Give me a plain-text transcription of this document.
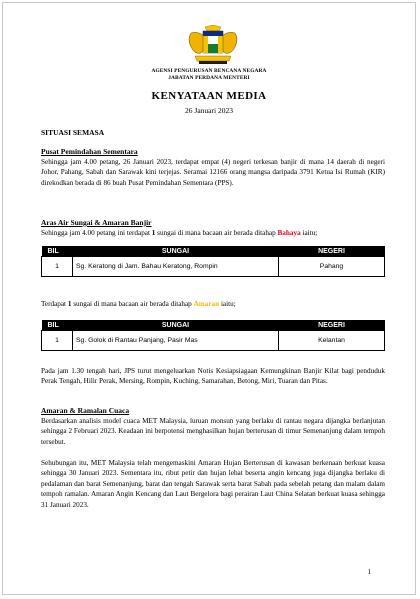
AGENSI PENGURUSAN BENCANA NEGARA
JABATAN PERDANA MENTERI
KENYATAAN MEDIA
26 Januari 2023
SITUASI SEMASA
Pusat Pemindahan Sementara
Sehingga jam 4.00 petang, 26 Januari 2023, terdapat empat (4) negeri terkesan banjir di mana 14 daerah di negeri Johor, Pahang, Sabah dan Sarawak kini terjejas. Seramai 12166 orang mangsa daripada 3791 Ketua Isi Rumah (KIR) direkodkan berada di 86 buah Pusat Pemindahan Sementara (PPS).
Aras Air Sungai & Amaran Banjir
Sehingga jam 4.00 petang ini terdapat 1 sungai di mana bacaan air berada ditahap Bahaya iaitu;
BIL	SUNGAI	NEGERI
1	Sg. Keratong di Jam. Bahau Keratong, Rompin	Pahang
Terdapat 1 sungai di mana bacaan air berada ditahap Amaran iaitu;
BIL	SUNGAI	NEGERI
1	Sg. Golok di Rantau Panjang, Pasir Mas	Kelantan
Pada jam 1.30 tengah hari, JPS turut mengeluarkan Notis Kesiapsiagaan Kemungkinan Banjir Kilat bagi penduduk Perak Tengah, Hilir Perak, Mersing, Rompin, Kuching, Samarahan, Betong, Miri, Tuaran dan Pitas.
Amaran & Ramalan Cuaca
Berdasarkan analisis model cuaca MET Malaysia, luruan monsun yang berlaku di rantau negara dijangka berlanjutan sehingga 2 Februari 2023. Keadaan ini berpotensi menghasilkan hujan berterusan di timur Semenanjung dalam tempoh tersebut.
Sehubungan itu, MET Malaysia telah mengemaskini Amaran Hujan Berterusan di kawasan berkenaan berkuat kuasa sehingga 30 Januari 2023. Sementara itu, ribut petir dan hujan lebat beserta angin kencang juga dijangka berlaku di pedalaman dan barat Semenanjung, barat dan tengah Sarawak serta barat Sabah pada sebelah petang dan malam dalam tempoh ramalan. Amaran Angin Kencang dan Laut Bergelora bagi perairan Laut China Selatan berkuat kuasa sehingga 31 Januari 2023.
1
